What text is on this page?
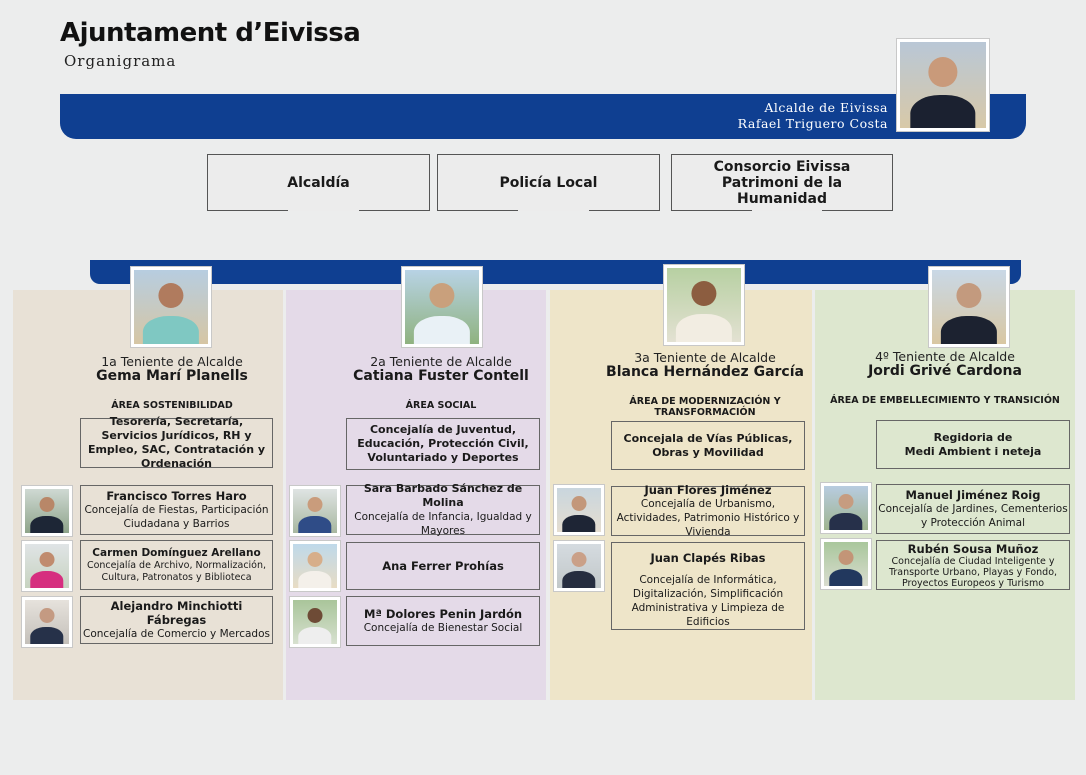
Ajuntament d’Eivissa
Organigrama
Alcalde de Eivissa
Rafael Triguero Costa
Alcaldía	Policía Local
Consorcio Eivissa Patrimoni de la Humanidad
1a Teniente de Alcalde
Gema Marí Planells
ÁREA SOSTENIBILIDAD
Tesorería, Secretaría, Servicios Jurídicos, RH y Empleo, SAC, Contratación y Ordenación
Francisco Torres Haro
Concejalía de Fiestas, Participación Ciudadana y Barrios
Carmen Domínguez Arellano
Concejalía de Archivo, Normalización, Cultura, Patronatos y Biblioteca
Alejandro Minchiotti Fábregas
Concejalía de Comercio y Mercados
2a Teniente de Alcalde
Catiana Fuster Contell
ÁREA SOCIAL
Concejalía de Juventud, Educación, Protección Civil, Voluntariado y Deportes
Sara Barbado Sánchez de Molina
Concejalía de Infancia, Igualdad y Mayores
Ana Ferrer Prohías
Mª Dolores Penin Jardón
Concejalía de Bienestar Social
3a Teniente de Alcalde
Blanca Hernández García
ÁREA DE MODERNIZACIÓN Y TRANSFORMACIÓN
Concejala de Vías Públicas, Obras y Movilidad
Juan Flores Jiménez
Concejalía de Urbanismo, Actividades, Patrimonio Histórico y Vivienda
Juan Clapés Ribas
Concejalía de Informática, Digitalización, Simplificación Administrativa y Limpieza de Edificios
4º Teniente de Alcalde
Jordi Grivé Cardona
ÁREA DE EMBELLECIMIENTO Y TRANSICIÓN
Regidoria de
Medi Ambient i neteja
Manuel Jiménez Roig
Concejalía de Jardines, Cementerios y Protección Animal
Rubén Sousa Muñoz
Concejalía de Ciudad Inteligente y Transporte Urbano, Playas y Fondo, Proyectos Europeos y Turismo
